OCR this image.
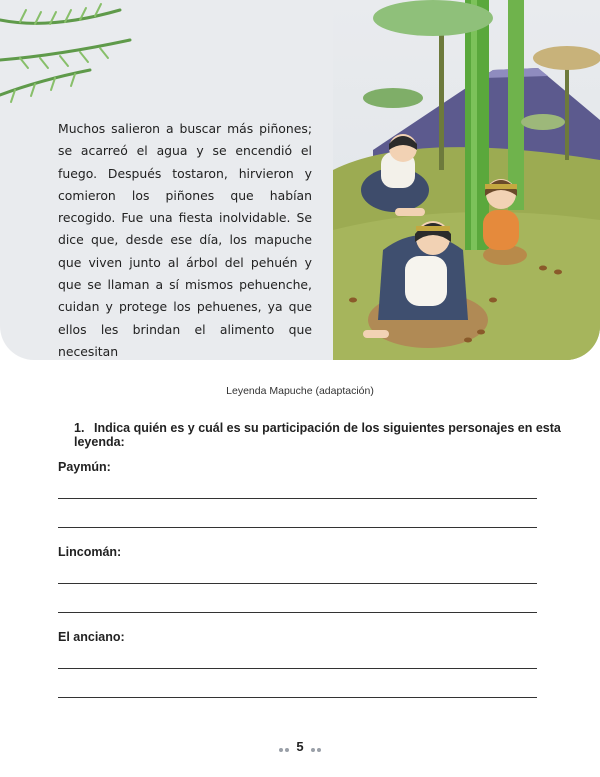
Muchos salieron a buscar más piñones; se acarreó el agua y se encendió el fuego. Después tostaron, hirvieron y comieron los piñones que habían recogido. Fue una fiesta inolvidable. Se dice que, desde ese día, los mapuche que viven junto al árbol del pehuén y que se llaman a sí mismos pehuenche, cuidan y protege los pehuenes, ya que ellos les brindan el alimento que necesitan

Leyenda Mapuche (adaptación)
1. Indica quién es y cuál es su participación de los siguientes personajes en esta leyenda:
Paymún:
Lincomán:
El anciano:
5
